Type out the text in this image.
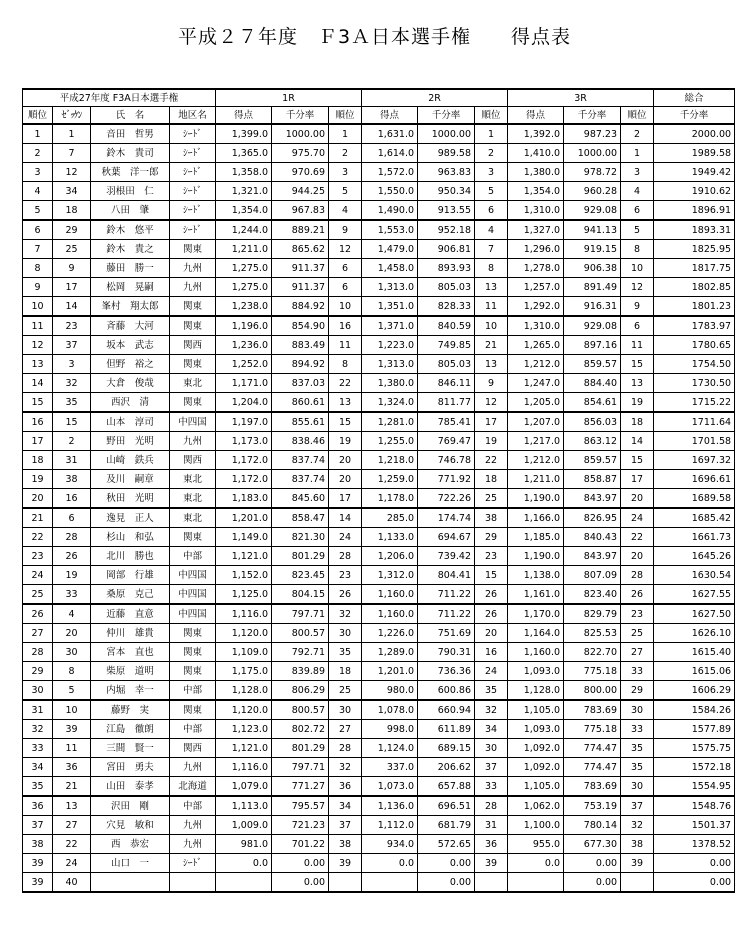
平成２７年度　Ｆ3Ａ日本選手権   得点表
平成27年度 F3A日本選手権				1R			2R			3R			総合
順位	ｾﾞｯｹﾝ	氏　名	地区名	得点	千分率	順位	得点	千分率	順位	得点	千分率	順位	千分率
1	1	音田　哲男	ｼｰﾄﾞ	1,399.0	1000.00	1	1,631.0	1000.00	1	1,392.0	987.23	2	2000.00
2	7	鈴木　貴司	ｼｰﾄﾞ	1,365.0	975.70	2	1,614.0	989.58	2	1,410.0	1000.00	1	1989.58
3	12	秋葉　洋一郎	ｼｰﾄﾞ	1,358.0	970.69	3	1,572.0	963.83	3	1,380.0	978.72	3	1949.42
4	34	羽根田　仁	ｼｰﾄﾞ	1,321.0	944.25	5	1,550.0	950.34	5	1,354.0	960.28	4	1910.62
5	18	八田　肇	ｼｰﾄﾞ	1,354.0	967.83	4	1,490.0	913.55	6	1,310.0	929.08	6	1896.91
6	29	鈴木　悠平	ｼｰﾄﾞ	1,244.0	889.21	9	1,553.0	952.18	4	1,327.0	941.13	5	1893.31
7	25	鈴木　貴之	関東	1,211.0	865.62	12	1,479.0	906.81	7	1,296.0	919.15	8	1825.95
8	9	藤田　勝一	九州	1,275.0	911.37	6	1,458.0	893.93	8	1,278.0	906.38	10	1817.75
9	17	松岡　晃嗣	九州	1,275.0	911.37	6	1,313.0	805.03	13	1,257.0	891.49	12	1802.85
10	14	峯村　翔太郎	関東	1,238.0	884.92	10	1,351.0	828.33	11	1,292.0	916.31	9	1801.23
11	23	斉藤　大河	関東	1,196.0	854.90	16	1,371.0	840.59	10	1,310.0	929.08	6	1783.97
12	37	坂本　武志	関西	1,236.0	883.49	11	1,223.0	749.85	21	1,265.0	897.16	11	1780.65
13	3	但野　裕之	関東	1,252.0	894.92	8	1,313.0	805.03	13	1,212.0	859.57	15	1754.50
14	32	大倉　俊哉	東北	1,171.0	837.03	22	1,380.0	846.11	9	1,247.0	884.40	13	1730.50
15	35	西沢　清	関東	1,204.0	860.61	13	1,324.0	811.77	12	1,205.0	854.61	19	1715.22
16	15	山本　淳司	中四国	1,197.0	855.61	15	1,281.0	785.41	17	1,207.0	856.03	18	1711.64
17	2	野田　光明	九州	1,173.0	838.46	19	1,255.0	769.47	19	1,217.0	863.12	14	1701.58
18	31	山崎　鉄兵	関西	1,172.0	837.74	20	1,218.0	746.78	22	1,212.0	859.57	15	1697.32
19	38	及川　嗣章	東北	1,172.0	837.74	20	1,259.0	771.92	18	1,211.0	858.87	17	1696.61
20	16	秋田　光明	東北	1,183.0	845.60	17	1,178.0	722.26	25	1,190.0	843.97	20	1689.58
21	6	逸見　正人	東北	1,201.0	858.47	14	285.0	174.74	38	1,166.0	826.95	24	1685.42
22	28	杉山　和弘	関東	1,149.0	821.30	24	1,133.0	694.67	29	1,185.0	840.43	22	1661.73
23	26	北川　勝也	中部	1,121.0	801.29	28	1,206.0	739.42	23	1,190.0	843.97	20	1645.26
24	19	岡部　行雄	中四国	1,152.0	823.45	23	1,312.0	804.41	15	1,138.0	807.09	28	1630.54
25	33	桑原　克己	中四国	1,125.0	804.15	26	1,160.0	711.22	26	1,161.0	823.40	26	1627.55
26	4	近藤　直意	中四国	1,116.0	797.71	32	1,160.0	711.22	26	1,170.0	829.79	23	1627.50
27	20	仲川　雄貴	関東	1,120.0	800.57	30	1,226.0	751.69	20	1,164.0	825.53	25	1626.10
28	30	宮本　直也	関東	1,109.0	792.71	35	1,289.0	790.31	16	1,160.0	822.70	27	1615.40
29	8	柴原　道明	関東	1,175.0	839.89	18	1,201.0	736.36	24	1,093.0	775.18	33	1615.06
30	5	内堀　幸一	中部	1,128.0	806.29	25	980.0	600.86	35	1,128.0	800.00	29	1606.29
31	10	藤野　実	関東	1,120.0	800.57	30	1,078.0	660.94	32	1,105.0	783.69	30	1584.26
32	39	江島　徹朗	中部	1,123.0	802.72	27	998.0	611.89	34	1,093.0	775.18	33	1577.89
33	11	三間　賢一	関西	1,121.0	801.29	28	1,124.0	689.15	30	1,092.0	774.47	35	1575.75
34	36	宮田　勇夫	九州	1,116.0	797.71	32	337.0	206.62	37	1,092.0	774.47	35	1572.18
35	21	山田　泰孝	北海道	1,079.0	771.27	36	1,073.0	657.88	33	1,105.0	783.69	30	1554.95
36	13	沢田　剛	中部	1,113.0	795.57	34	1,136.0	696.51	28	1,062.0	753.19	37	1548.76
37	27	穴見　敏和	九州	1,009.0	721.23	37	1,112.0	681.79	31	1,100.0	780.14	32	1501.37
38	22	西　恭宏	九州	981.0	701.22	38	934.0	572.65	36	955.0	677.30	38	1378.52
39	24	山口　一	ｼｰﾄﾞ	0.0	0.00	39	0.0	0.00	39	0.0	0.00	39	0.00
39	40				0.00			0.00			0.00		0.00
